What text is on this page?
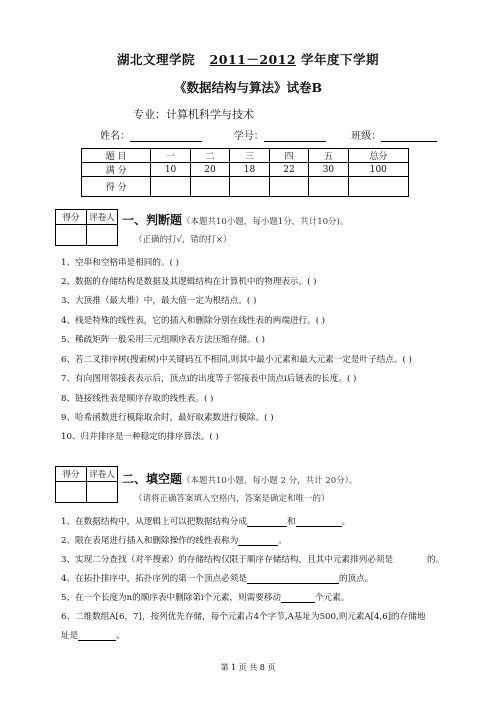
湖北文理学院 2011－2012 学年度下学期
《数据结构与算法》试卷B
专业：计算机科学与技术
姓名：	学号：	班级：
题 目	一	二	三	四	五	总分
满 分	10	20	18	22	30	100
得 分						
得分	评卷人
	一、判断题（本题共10小题，每小题1分，共计10分)。
（正确的打√，错的打×）
1、空串和空格串是相同的。( )
2、数据的存储结构是数据及其逻辑结构在计算机中的物理表示。( )
3、大顶推（最大堆）中，最大值一定为根结点。( )
4、栈是特殊的线性表，它的插入和删除分别在线性表的两端进行。( )
5、稀疏矩阵一般采用三元组顺序表方法压缩存储。( )
6、若二叉排序树(搜索树)中关键码互不相同,则其中最小元素和最大元素一定是叶子结点。( )
7、有向图用邻接表表示后，顶点i的出度等于邻接表中顶点i后链表的长度。( )
8、链接线性表是顺序存取的线性表。( )
9、哈希函数进行模除取余时，最好取素数进行模除。( )
10、归并排序是一种稳定的排序算法。( )
得分	评卷人
	二、填空题（本题共10小题，每小题 2 分，共计 20分）。
（请将正确答案填入空格内，答案是确定和唯一的）
1、在数据结构中，从逻辑上可以把数据结构分成	和	。
2、限在表尾进行插入和删除操作的线性表称为	。
3、实现二分查找（对半搜索）的存储结构仅限于顺序存储结构，且其中元素排列必须是	的。
4、在拓扑排序中，拓扑序列的第一个顶点必须是	的顶点。
5、在一个长度为n的顺序表中删除第i个元素，则需要移动	个元素。
6、二维数组A[6，7]，按列优先存储，每个元素占4个字节,A基址为500,则元素A[4,6]的存储地
址是	。
第 1 页 共 8 页
